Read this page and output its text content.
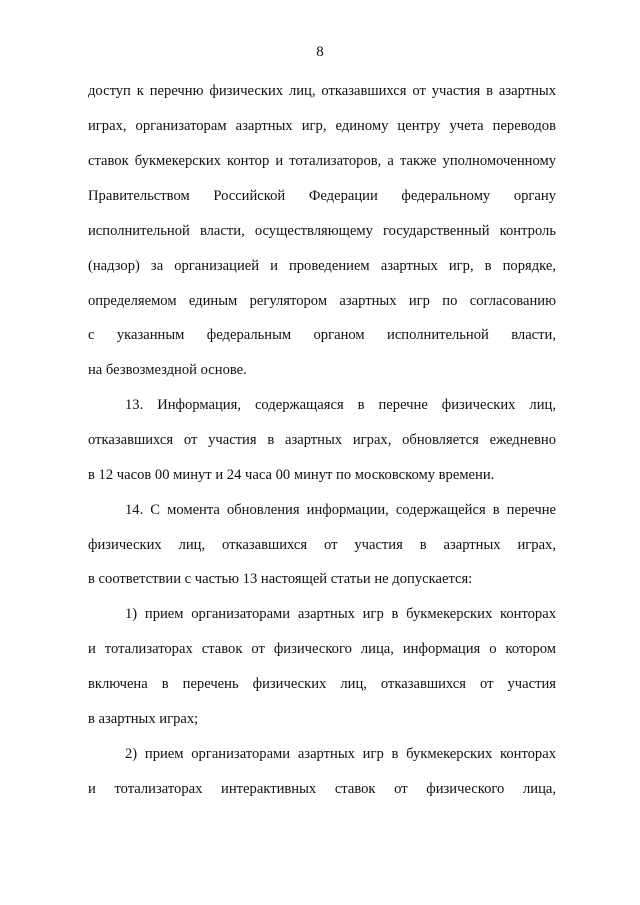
8
доступ к перечню физических лиц, отказавшихся от участия в азартных
играх, организаторам азартных игр, единому центру учета переводов
ставок букмекерских контор и тотализаторов, а также уполномоченному
Правительством Российской Федерации федеральному органу
исполнительной власти, осуществляющему государственный контроль
(надзор) за организацией и проведением азартных игр, в порядке,
определяемом единым регулятором азартных игр по согласованию
с указанным федеральным органом исполнительной власти,
на безвозмездной основе.
13. Информация, содержащаяся в перечне физических лиц,
отказавшихся от участия в азартных играх, обновляется ежедневно
в 12 часов 00 минут и 24 часа 00 минут по московскому времени.
14. С момента обновления информации, содержащейся в перечне
физических лиц, отказавшихся от участия в азартных играх,
в соответствии с частью 13 настоящей статьи не допускается:
1) прием организаторами азартных игр в букмекерских конторах
и тотализаторах ставок от физического лица, информация о котором
включена в перечень физических лиц, отказавшихся от участия
в азартных играх;
2) прием организаторами азартных игр в букмекерских конторах
и тотализаторах интерактивных ставок от физического лица,
